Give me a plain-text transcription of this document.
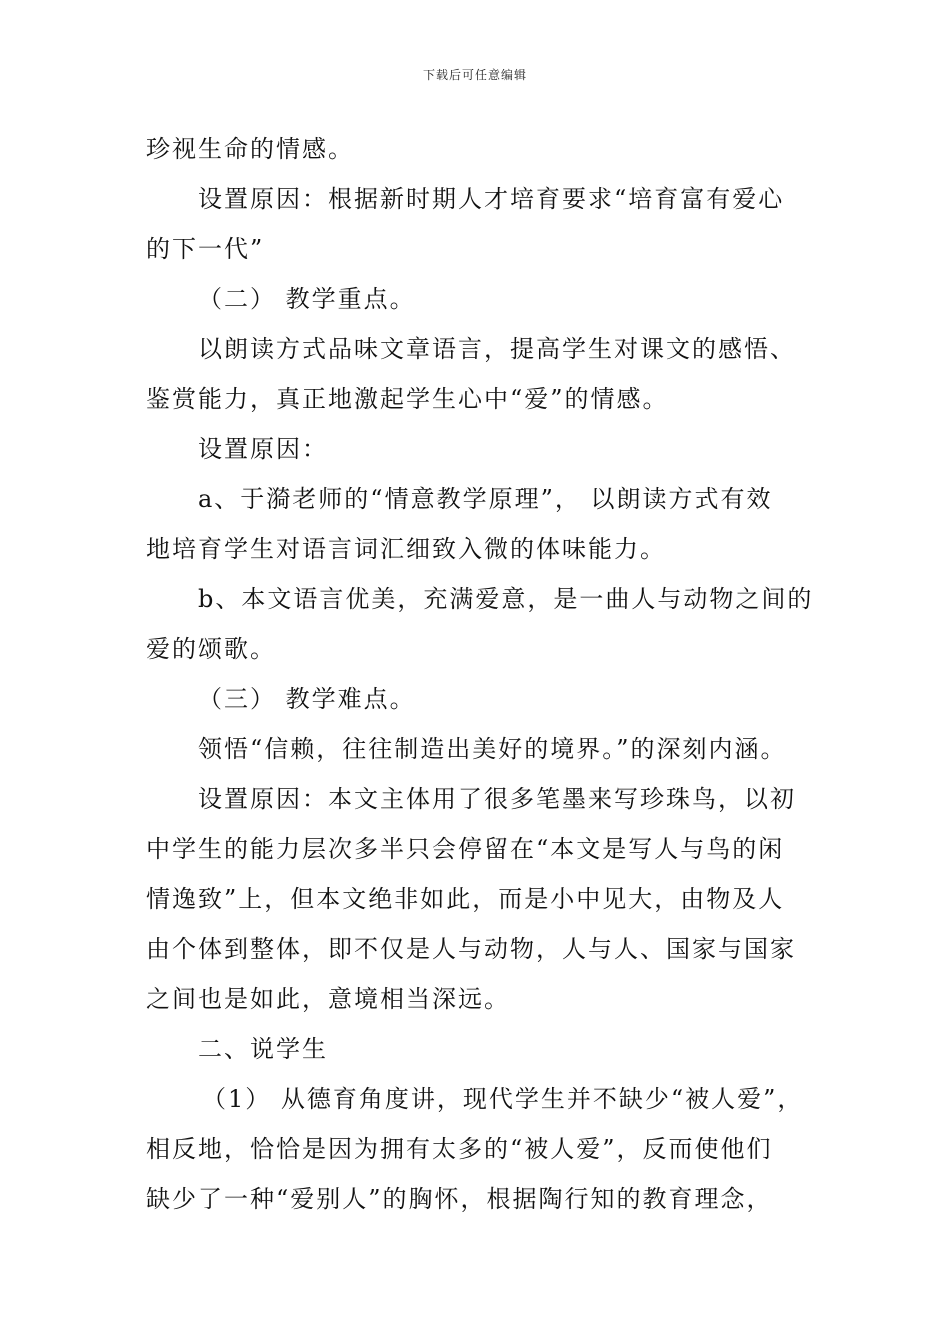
下载后可任意编辑

珍视生命的情感。

设置原因：根据新时期人才培育要求“培育富有爱心

的下一代”

（二） 教学重点。

以朗读方式品味文章语言，提高学生对课文的感悟、

鉴赏能力，真正地激起学生心中“爱”的情感。

设置原因：

a、于漪老师的“情意教学原理”， 以朗读方式有效

地培育学生对语言词汇细致入微的体味能力。

b、本文语言优美，充满爱意，是一曲人与动物之间的

爱的颂歌。

（三） 教学难点。

领悟“信赖，往往制造出美好的境界。”的深刻内涵。

设置原因：本文主体用了很多笔墨来写珍珠鸟，以初

中学生的能力层次多半只会停留在“本文是写人与鸟的闲

情逸致”上，但本文绝非如此，而是小中见大，由物及人

由个体到整体，即不仅是人与动物，人与人、国家与国家

之间也是如此，意境相当深远。

二、说学生

（1） 从德育角度讲，现代学生并不缺少“被人爱”，

相反地，恰恰是因为拥有太多的“被人爱”，反而使他们

缺少了一种“爱别人”的胸怀，根据陶行知的教育理念，
